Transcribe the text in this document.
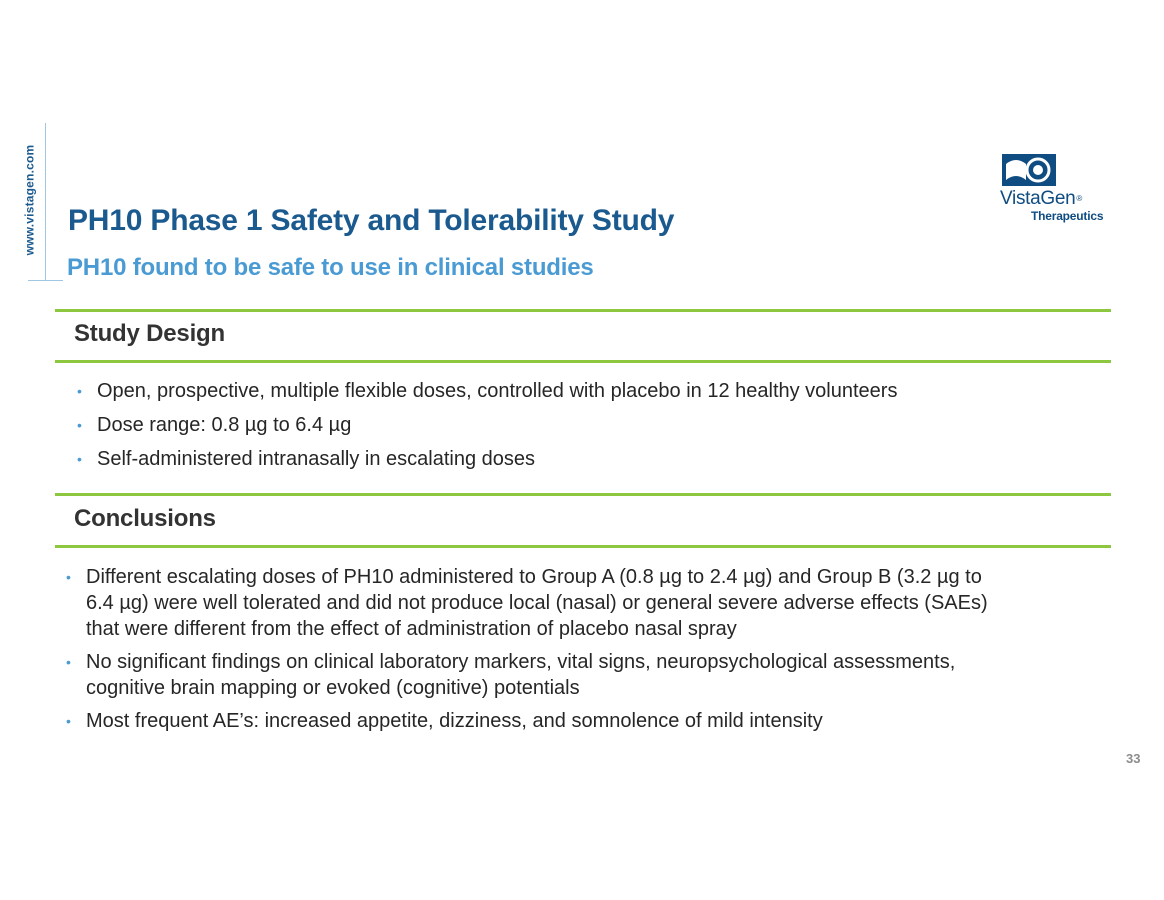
www.vistagen.com	VistaGen®
Therapeutics
PH10 Phase 1 Safety and Tolerability Study
PH10 found to be safe to use in clinical studies
Study Design
• Open, prospective, multiple flexible doses, controlled with placebo in 12 healthy volunteers
• Dose range: 0.8 µg to 6.4 µg
• Self-administered intranasally in escalating doses
Conclusions
• Different escalating doses of PH10 administered to Group A (0.8 µg to 2.4 µg) and Group B (3.2 µg to
6.4 µg) were well tolerated and did not produce local (nasal) or general severe adverse effects (SAEs)
that were different from the effect of administration of placebo nasal spray
• No significant findings on clinical laboratory markers, vital signs, neuropsychological assessments,
cognitive brain mapping or evoked (cognitive) potentials
• Most frequent AE’s: increased appetite, dizziness, and somnolence of mild intensity
33
